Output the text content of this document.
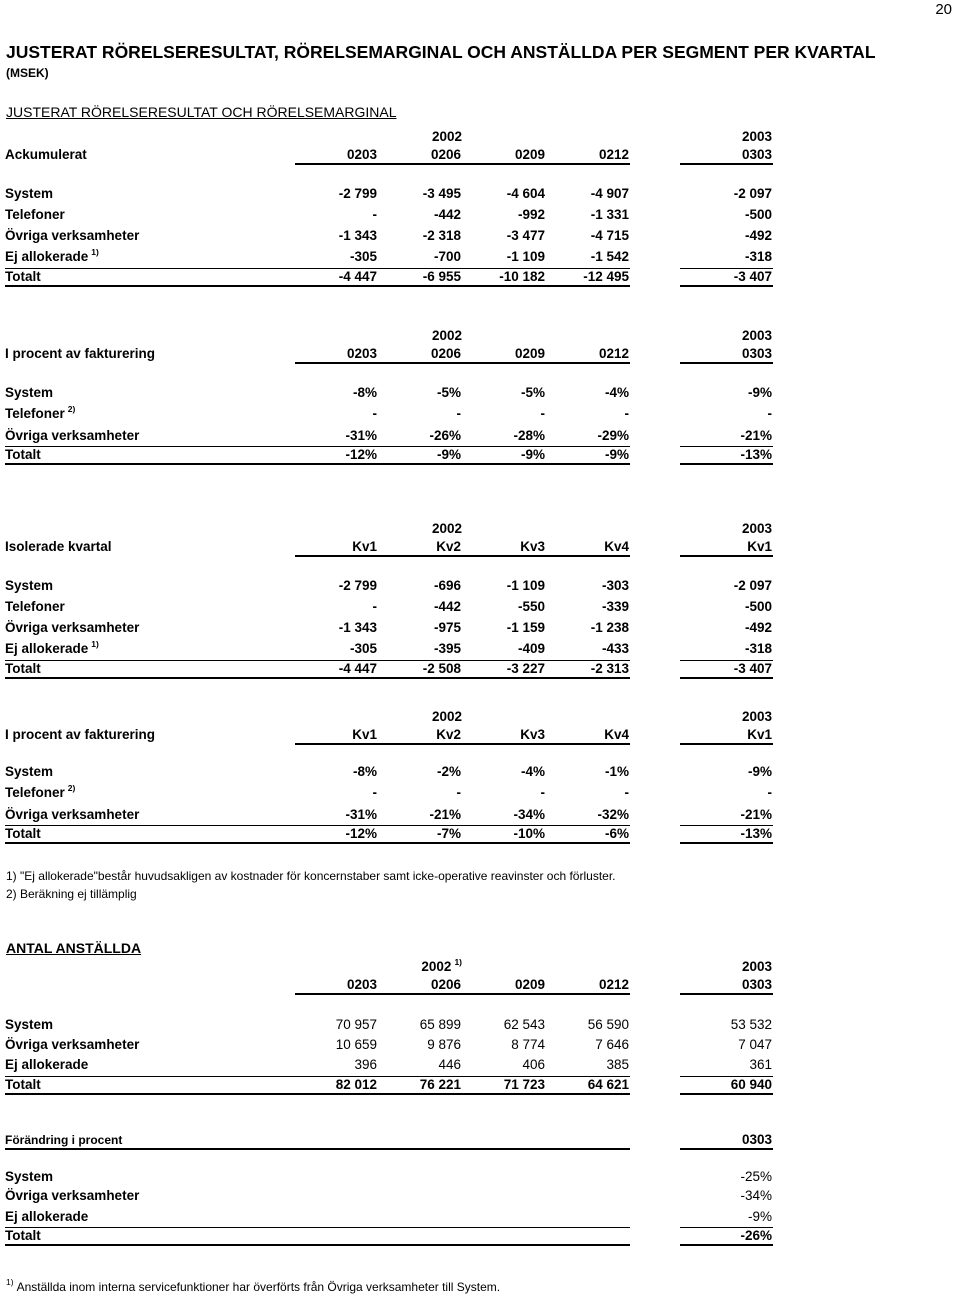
20
JUSTERAT RÖRELSERESULTAT, RÖRELSEMARGINAL OCH ANSTÄLLDA PER SEGMENT PER KVARTAL
(MSEK)
JUSTERAT RÖRELSERESULTAT OCH RÖRELSEMARGINAL
2002	2003
Ackumulerat	0203	0206	0209	0212	0303
System	-2 799	-3 495	-4 604	-4 907	-2 097
Telefoner	-	-442	-992	-1 331	-500
Övriga verksamheter	-1 343	-2 318	-3 477	-4 715	-492
Ej allokerade $^{1)}$	-305	-700	-1 109	-1 542	-318
Totalt	-4 447	-6 955	-10 182	-12 495	-3 407
2002	2003
I procent av fakturering	0203	0206	0209	0212	0303
System	-8%	-5%	-5%	-4%	-9%
Telefoner $^{2)}$	-	-	-	-	-
Övriga verksamheter	-31%	-26%	-28%	-29%	-21%
Totalt	-12%	-9%	-9%	-9%	-13%
2002	2003
Isolerade kvartal	Kv1	Kv2	Kv3	Kv4	Kv1
System	-2 799	-696	-1 109	-303	-2 097
Telefoner	-	-442	-550	-339	-500
Övriga verksamheter	-1 343	-975	-1 159	-1 238	-492
Ej allokerade $^{1)}$	-305	-395	-409	-433	-318
Totalt	-4 447	-2 508	-3 227	-2 313	-3 407
2002	2003
I procent av fakturering	Kv1	Kv2	Kv3	Kv4	Kv1
System	-8%	-2%	-4%	-1%	-9%
Telefoner $^{2)}$	-	-	-	-	-
Övriga verksamheter	-31%	-21%	-34%	-32%	-21%
Totalt	-12%	-7%	-10%	-6%	-13%
1) "Ej allokerade"består huvudsakligen av kostnader för koncernstaber samt icke-operative reavinster och förluster.
2) Beräkning ej tillämplig
ANTAL ANSTÄLLDA
2002 $^{1)}$	2003
0203	0206	0209	0212	0303
System	70 957	65 899	62 543	56 590	53 532
Övriga verksamheter	10 659	9 876	8 774	7 646	7 047
Ej allokerade	396	446	406	385	361
Totalt	82 012	76 221	71 723	64 621	60 940
Förändring i procent	0303
System	-25%
Övriga verksamheter	-34%
Ej allokerade	-9%
Totalt	-26%
$^{1)}$ Anställda inom interna servicefunktioner har överförts från Övriga verksamheter till System.
